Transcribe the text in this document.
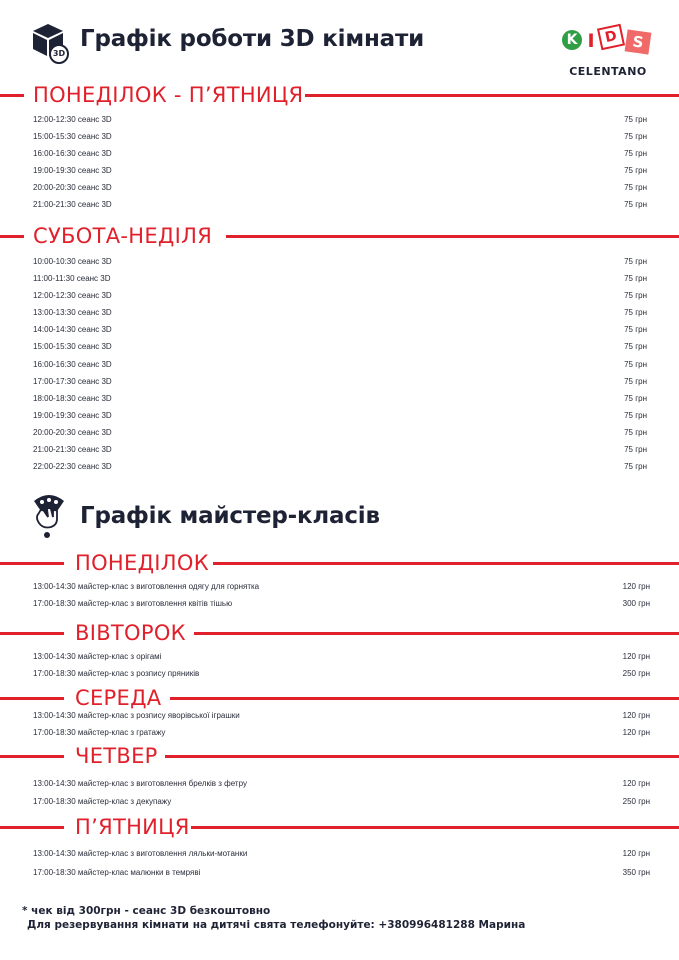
3D
Графік роботи 3D кімнати	K I D S
CELENTANO
ПОНЕДІЛОК - П’ЯТНИЦЯ
12:00-12:30 сеанс 3D	75 грн
15:00-15:30 сеанс 3D	75 грн
16:00-16:30 сеанс 3D	75 грн
19:00-19:30 сеанс 3D	75 грн
20:00-20:30 сеанс 3D	75 грн
21:00-21:30 сеанс 3D	75 грн
СУБОТА-НЕДІЛЯ
10:00-10:30 сеанс 3D	75 грн
11:00-11:30 сеанс 3D	75 грн
12:00-12:30 сеанс 3D	75 грн
13:00-13:30 сеанс 3D	75 грн
14:00-14:30 сеанс 3D	75 грн
15:00-15:30 сеанс 3D	75 грн
16:00-16:30 сеанс 3D	75 грн
17:00-17:30 сеанс 3D	75 грн
18:00-18:30 сеанс 3D	75 грн
19:00-19:30 сеанс 3D	75 грн
20:00-20:30 сеанс 3D	75 грн
21:00-21:30 сеанс 3D	75 грн
22:00-22:30 сеанс 3D	75 грн
Графік майстер-класів
ПОНЕДІЛОК
13:00-14:30 майстер-клас з виготовлення одягу для горнятка	120 грн
17:00-18:30 майстер-клас з виготовлення квітів тішью	300 грн
ВІВТОРОК
13:00-14:30 майстер-клас з орігамі	120 грн
17:00-18:30 майстер-клас з розпису пряників	250 грн
СЕРЕДА
13:00-14:30 майстер-клас з розпису яворівської іграшки	120 грн
17:00-18:30 майстер-клас з гратажу	120 грн
ЧЕТВЕР
13:00-14:30 майстер-клас з виготовлення брелків з фетру	120 грн
17:00-18:30 майстер-клас з декупажу	250 грн
П’ЯТНИЦЯ
13:00-14:30 майстер-клас з виготовлення ляльки-мотанки	120 грн
17:00-18:30 майстер-клас малюнки в темряві	350 грн
* чек від 300грн - сеанс 3D безкоштовно
Для резервування кімнати на дитячі свята телефонуйте: +380996481288 Марина
